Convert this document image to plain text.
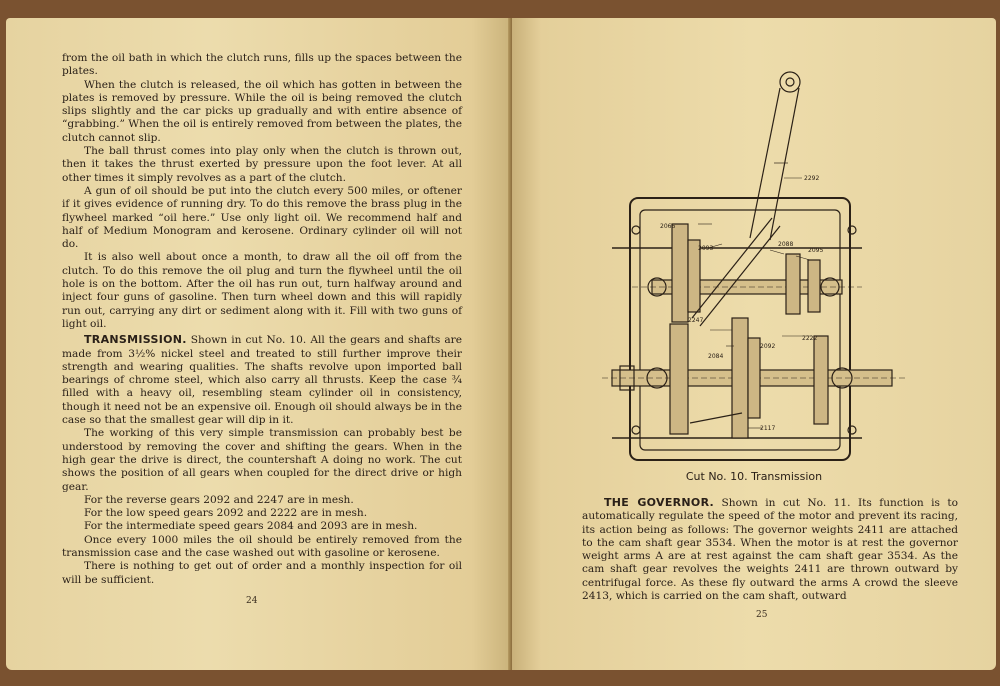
from the oil bath in which the clutch runs, fills up the spaces between the plates.

When the clutch is released, the oil which has gotten in between the plates is removed by pressure. While the oil is being removed the clutch slips slightly and the car picks up gradually and with entire absence of “grabbing.” When the oil is entirely removed from between the plates, the clutch cannot slip.

The ball thrust comes into play only when the clutch is thrown out, then it takes the thrust exerted by pressure upon the foot lever. At all other times it simply revolves as a part of the clutch.

A gun of oil should be put into the clutch every 500 miles, or oftener if it gives evidence of running dry. To do this remove the brass plug in the flywheel marked “oil here.” Use only light oil. We recommend half and half of Medium Monogram and kerosene. Ordinary cylinder oil will not do.

It is also well about once a month, to draw all the oil off from the clutch. To do this remove the oil plug and turn the flywheel until the oil hole is on the bottom. After the oil has run out, turn halfway around and inject four guns of gasoline. Then turn wheel down and this will rapidly run out, carrying any dirt or sediment along with it. Fill with two guns of light oil.

TRANSMISSION. Shown in cut No. 10. All the gears and shafts are made from 3½% nickel steel and treated to still further improve their strength and wearing qualities. The shafts revolve upon imported ball bearings of chrome steel, which also carry all thrusts. Keep the case ¾ filled with a heavy oil, resembling steam cylinder oil in consistency, though it need not be an expensive oil. Enough oil should always be in the case so that the smallest gear will dip in it.

The working of this very simple transmission can probably best be understood by removing the cover and shifting the gears. When in the high gear the drive is direct, the countershaft A doing no work. The cut shows the position of all gears when coupled for the direct drive or high gear.

For the reverse gears 2092 and 2247 are in mesh.

For the low speed gears 2092 and 2222 are in mesh.

For the intermediate speed gears 2084 and 2093 are in mesh.

Once every 1000 miles the oil should be entirely removed from the transmission case and the case washed out with gasoline or kerosene.

There is nothing to get out of order and a monthly inspection for oil will be sufficient.

24
2292
2066
2093
2088
2095
2222
2084
2092
2247
2117
Cut No. 10. Transmission

THE GOVERNOR. Shown in cut No. 11. Its function is to automatically regulate the speed of the motor and prevent its racing, its action being as follows: The governor weights 2411 are attached to the cam shaft gear 3534. When the motor is at rest the governor weight arms A are at rest against the cam shaft gear 3534. As the cam shaft gear revolves the weights 2411 are thrown outward by centrifugal force. As these fly outward the arms A crowd the sleeve 2413, which is carried on the cam shaft, outward

25
